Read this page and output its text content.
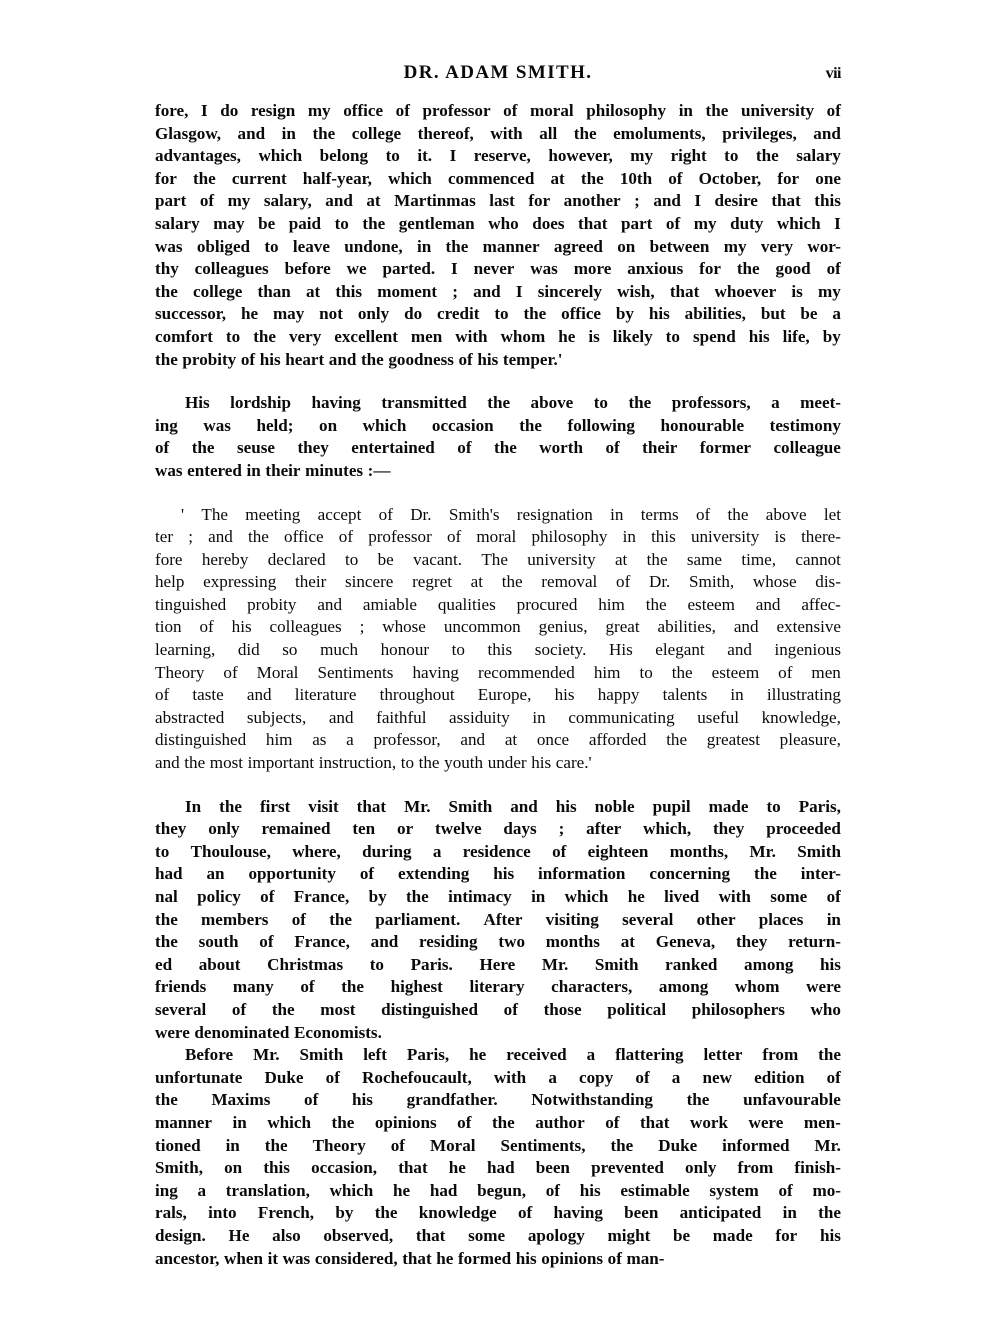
DR. ADAM SMITH.	vii
fore, I do resign my office of professor of moral philosophy in the university of
Glasgow, and in the college thereof, with all the emoluments, privileges, and
advantages, which belong to it. I reserve, however, my right to the salary
for the current half-year, which commenced at the 10th of October, for one
part of my salary, and at Martinmas last for another ; and I desire that this
salary may be paid to the gentleman who does that part of my duty which I
was obliged to leave undone, in the manner agreed on between my very wor-
thy colleagues before we parted. I never was more anxious for the good of
the college than at this moment ; and I sincerely wish, that whoever is my
successor, he may not only do credit to the office by his abilities, but be a
comfort to the very excellent men with whom he is likely to spend his life, by
the probity of his heart and the goodness of his temper.'
His lordship having transmitted the above to the professors, a meet-
ing was held; on which occasion the following honourable testimony
of the seuse they entertained of the worth of their former colleague
was entered in their minutes :—
' The meeting accept of Dr. Smith's resignation in terms of the above let
ter ; and the office of professor of moral philosophy in this university is there-
fore hereby declared to be vacant. The university at the same time, cannot
help expressing their sincere regret at the removal of Dr. Smith, whose dis-
tinguished probity and amiable qualities procured him the esteem and affec-
tion of his colleagues ; whose uncommon genius, great abilities, and extensive
learning, did so much honour to this society. His elegant and ingenious
Theory of Moral Sentiments having recommended him to the esteem of men
of taste and literature throughout Europe, his happy talents in illustrating
abstracted subjects, and faithful assiduity in communicating useful knowledge,
distinguished him as a professor, and at once afforded the greatest pleasure,
and the most important instruction, to the youth under his care.'
In the first visit that Mr. Smith and his noble pupil made to Paris,
they only remained ten or twelve days ; after which, they proceeded
to Thoulouse, where, during a residence of eighteen months, Mr. Smith
had an opportunity of extending his information concerning the inter-
nal policy of France, by the intimacy in which he lived with some of
the members of the parliament. After visiting several other places in
the south of France, and residing two months at Geneva, they return-
ed about Christmas to Paris. Here Mr. Smith ranked among his
friends many of the highest literary characters, among whom were
several of the most distinguished of those political philosophers who
were denominated Economists.
Before Mr. Smith left Paris, he received a flattering letter from the
unfortunate Duke of Rochefoucault, with a copy of a new edition of
the Maxims of his grandfather. Notwithstanding the unfavourable
manner in which the opinions of the author of that work were men-
tioned in the Theory of Moral Sentiments, the Duke informed Mr.
Smith, on this occasion, that he had been prevented only from finish-
ing a translation, which he had begun, of his estimable system of mo-
rals, into French, by the knowledge of having been anticipated in the
design. He also observed, that some apology might be made for his
ancestor, when it was considered, that he formed his opinions of man-
